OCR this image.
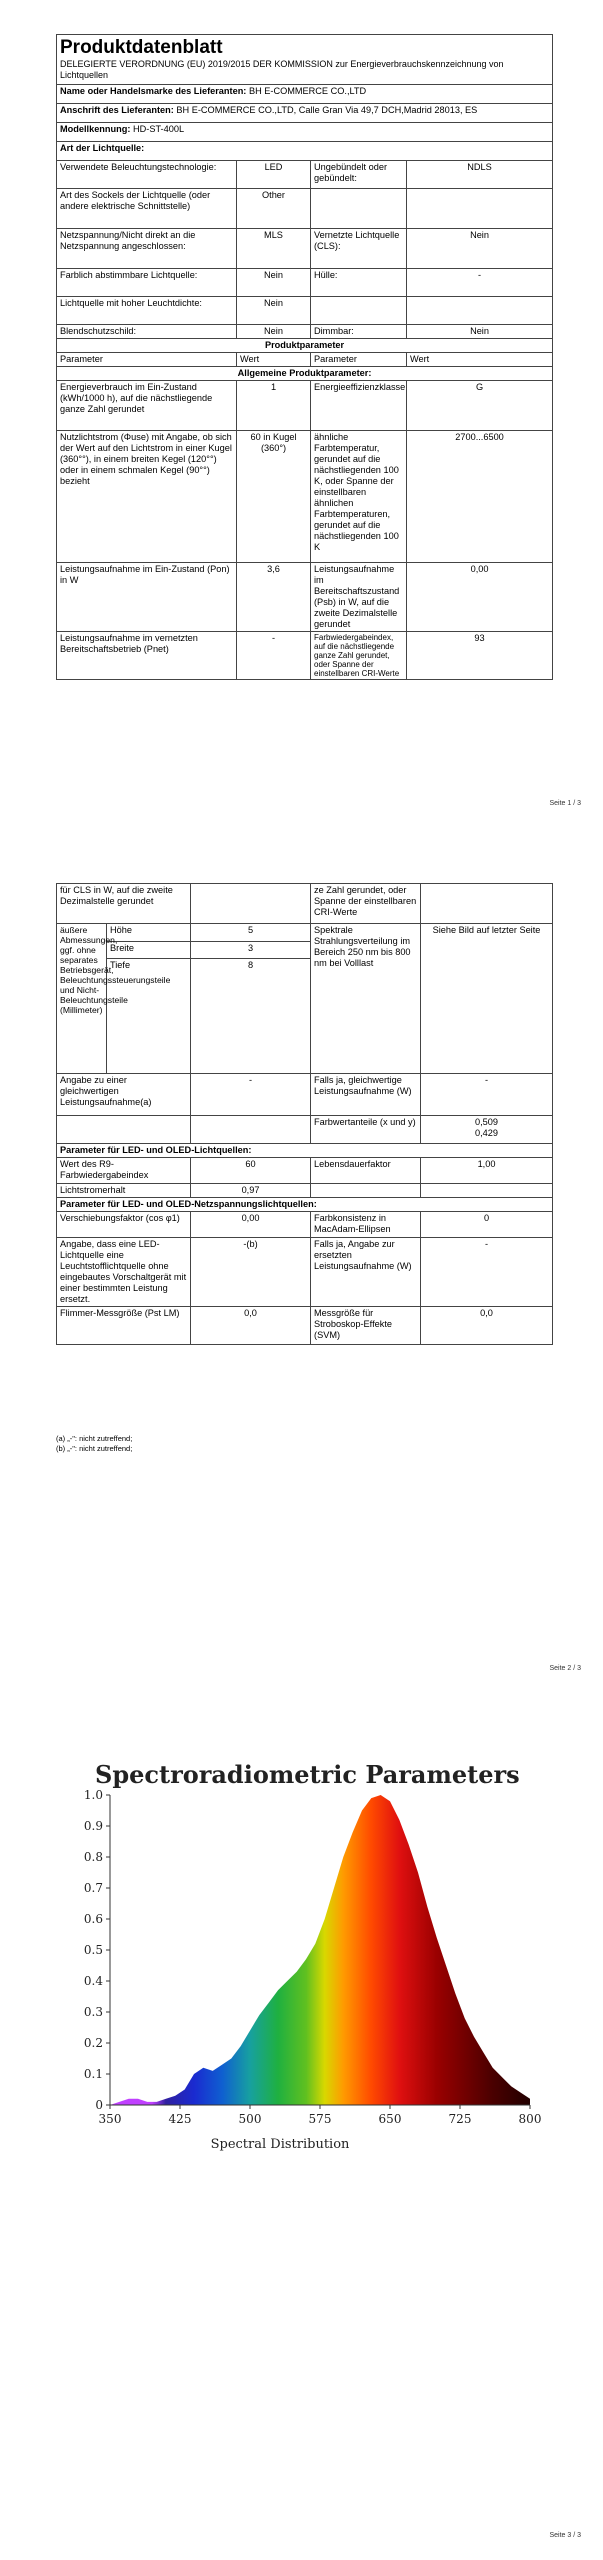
Produktdatenblatt
DELEGIERTE VERORDNUNG (EU) 2019/2015 DER KOMMISSION zur Energieverbrauchskennzeichnung von Lichtquellen			

Name oder Handelsmarke des Lieferanten: BH E-COMMERCE CO.,LTD			
Anschrift des Lieferanten: BH E-COMMERCE CO.,LTD, Calle Gran Via 49,7 DCH,Madrid 28013, ES			
Modellkennung: HD-ST-400L			
Art der Lichtquelle:			
Verwendete Beleuchtungstechnologie:	LED	Ungebündelt oder gebündelt:	NDLS
Art des Sockels der Lichtquelle (oder andere elektrische Schnittstelle)	Other		
Netzspannung/Nicht direkt an die Netzspannung angeschlossen:	MLS	Vernetzte Lichtquelle (CLS):	Nein
Farblich abstimmbare Lichtquelle:	Nein	Hülle:	-
Lichtquelle mit hoher Leuchtdichte:	Nein		
Blendschutzschild:	Nein	Dimmbar:	Nein
Produktparameter			
Parameter	Wert	Parameter	Wert
Allgemeine Produktparameter:			
Energieverbrauch im Ein-Zustand (kWh/1000 h), auf die nächstliegende ganze Zahl gerundet	1	Energieeffizienzklasse	G
Nutzlichtstrom (Φuse) mit Angabe, ob sich der Wert auf den Lichtstrom in einer Kugel (360°°), in einem breiten Kegel (120°°) oder in einem schmalen Kegel (90°°) bezieht	60 in Kugel (360°)	ähnliche Farbtemperatur, gerundet auf die nächstliegenden 100 K, oder Spanne der einstellbaren ähnlichen Farbtemperaturen, gerundet auf die nächstliegenden 100 K	2700...6500
Leistungsaufnahme im Ein-Zustand (Pon) in W	3,6	Leistungsaufnahme im Bereitschaftszustand (Psb) in W, auf die zweite Dezimalstelle gerundet	0,00
Leistungsaufnahme im vernetzten Bereitschaftsbetrieb (Pnet)	-	Farbwiedergabeindex, auf die nächstliegende ganze Zahl gerundet, oder Spanne der einstellbaren CRI-Werte	93
Seite 1 / 3
für CLS in W, auf die zweite Dezimalstelle gerundet			ze Zahl gerundet, oder Spanne der einstellbaren CRI-Werte	
äußere Abmessungen, ggf. ohne separates Betriebsgerät, Beleuchtungssteuerungsteile und Nicht-Beleuchtungsteile (Millimeter)	Höhe	5	Spektrale Strahlungsverteilung im Bereich 250 nm bis 800 nm bei Volllast	Siehe Bild auf letzter Seite
	Breite	3		
	Tiefe	8		
Angabe zu einer gleichwertigen Leistungsaufnahme(a)		-	Falls ja, gleichwertige Leistungsaufnahme (W)	-
			Farbwertanteile (x und y)	0,509
0,429

Parameter für LED- und OLED-Lichtquellen:				
Wert des R9-Farbwiedergabeindex		60	Lebensdauerfaktor	1,00
Lichtstromerhalt		0,97		
Parameter für LED- und OLED-Netzspannungslichtquellen:				
Verschiebungsfaktor (cos φ1)		0,00	Farbkonsistenz in MacAdam-Ellipsen	0
Angabe, dass eine LED-Lichtquelle eine Leuchtstofflichtquelle ohne eingebautes Vorschaltgerät mit einer bestimmten Leistung ersetzt.		-(b)	Falls ja, Angabe zur ersetzten Leistungsaufnahme (W)	-
Flimmer-Messgröße (Pst LM)		0,0	Messgröße für Stroboskop-Effekte (SVM)	0,0
(a) „-": nicht zutreffend;
(b) „-": nicht zutreffend;
Seite 2 / 3
Seite 3 / 3
Spectroradiometric Parameters
0
0.1
0.2
0.3
0.4
0.5
0.6
0.7
0.8
0.9
1.0
350	425	500	575	650	725	800
Spectral Distribution
